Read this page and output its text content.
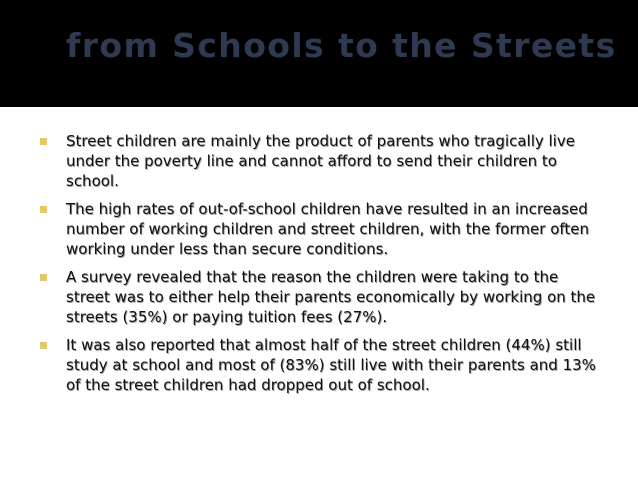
from Schools to the Streets
Street children are mainly the product of parents who tragically live under the poverty line and cannot afford to send their children to school.
The high rates of out-of-school children have resulted in an increased number of working children and street children, with the former often working under less than secure conditions.
A survey revealed that the reason the children were taking to the street was to either help their parents economically by working on the streets (35%) or paying tuition fees (27%).
It was also reported that almost half of the street children (44%) still study at school and most of (83%) still live with their parents and 13% of the street children had dropped out of school.
